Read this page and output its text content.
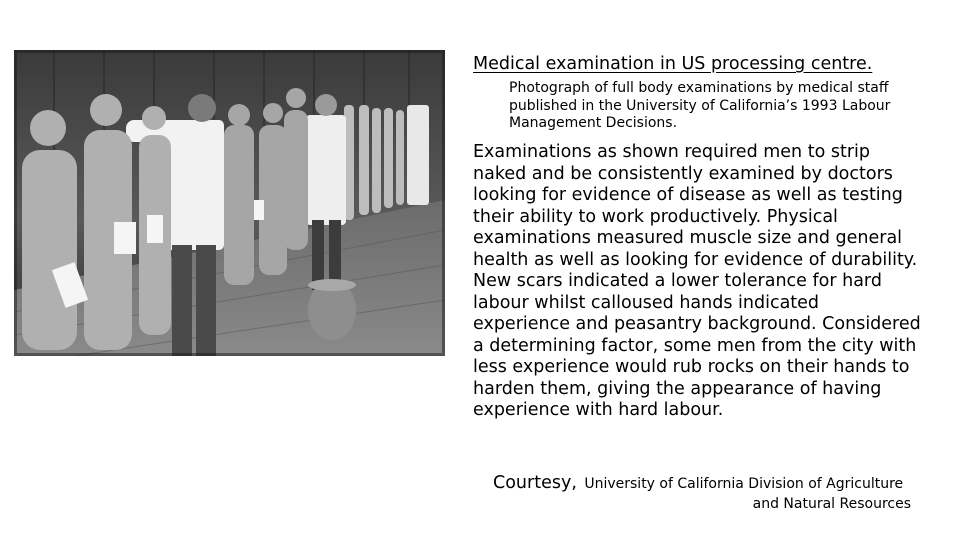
Medical examination in US processing centre.
Photograph of full body examinations by medical staff published in the University of California’s 1993 Labour Management Decisions.
Examinations as shown required men to strip naked and be consistently examined by doctors looking for evidence of disease as well as testing their ability to work productively. Physical examinations measured muscle size and general health as well as looking for evidence of durability. New scars indicated a lower tolerance for hard labour whilst calloused hands indicated experience and peasantry background. Considered a determining factor, some men from the city with less experience would rub rocks on their hands to harden them, giving the appearance of having experience with hard labour.
Courtesy, University of California Division of Agriculture
and Natural Resources
